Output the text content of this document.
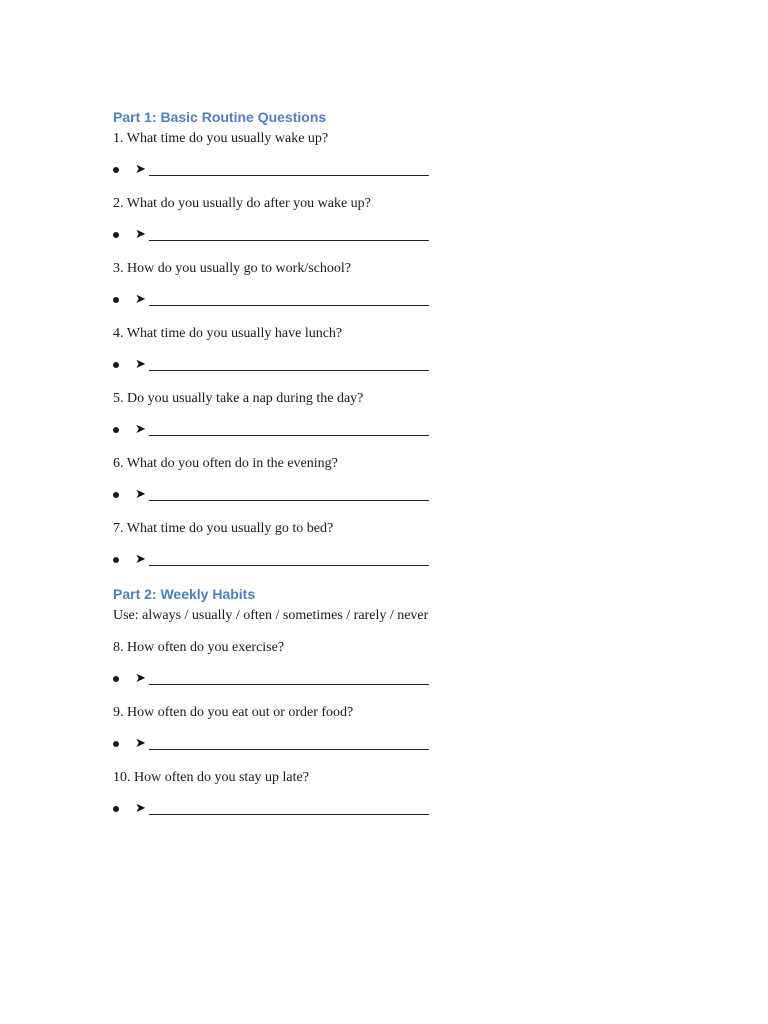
Part 1: Basic Routine Questions

1. What time do you usually wake up?

➤

2. What do you usually do after you wake up?

➤

3. How do you usually go to work/school?

➤

4. What time do you usually have lunch?

➤

5. Do you usually take a nap during the day?

➤

6. What do you often do in the evening?

➤

7. What time do you usually go to bed?

➤
Part 2: Weekly Habits

Use: always / usually / often / sometimes / rarely / never

8. How often do you exercise?

➤

9. How often do you eat out or order food?

➤

10. How often do you stay up late?

➤
